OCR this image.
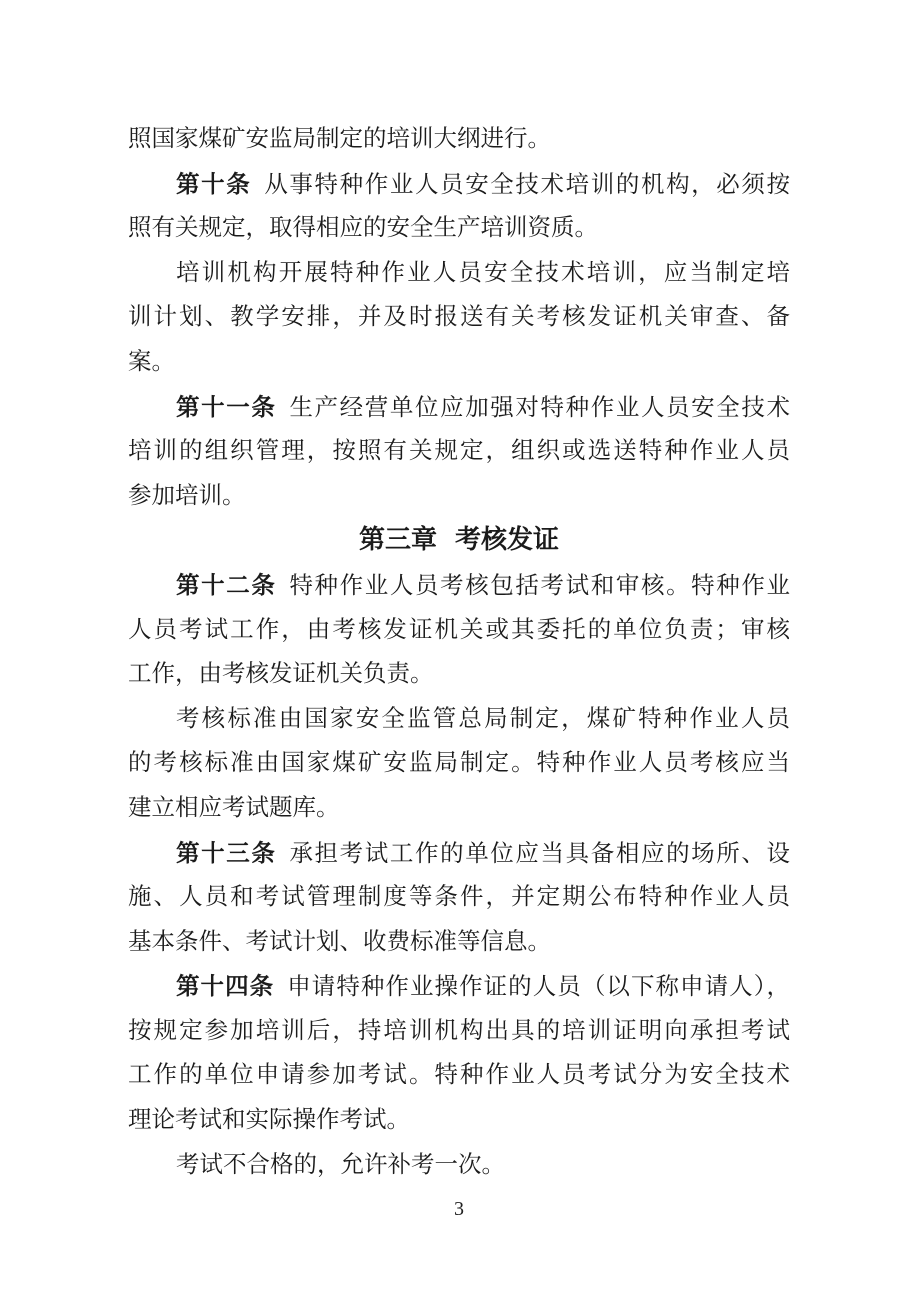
照国家煤矿安监局制定的培训大纲进行。
第十条 从事特种作业人员安全技术培训的机构，必须按
照有关规定，取得相应的安全生产培训资质。
培训机构开展特种作业人员安全技术培训，应当制定培
训计划、教学安排，并及时报送有关考核发证机关审查、备
案。
第十一条 生产经营单位应加强对特种作业人员安全技术
培训的组织管理，按照有关规定，组织或选送特种作业人员
参加培训。
第三章 考核发证
第十二条 特种作业人员考核包括考试和审核。特种作业
人员考试工作，由考核发证机关或其委托的单位负责；审核
工作，由考核发证机关负责。
考核标准由国家安全监管总局制定，煤矿特种作业人员
的考核标准由国家煤矿安监局制定。特种作业人员考核应当
建立相应考试题库。
第十三条 承担考试工作的单位应当具备相应的场所、设
施、人员和考试管理制度等条件，并定期公布特种作业人员
基本条件、考试计划、收费标准等信息。
第十四条 申请特种作业操作证的人员（以下称申请人），
按规定参加培训后，持培训机构出具的培训证明向承担考试
工作的单位申请参加考试。特种作业人员考试分为安全技术
理论考试和实际操作考试。
考试不合格的，允许补考一次。
3
